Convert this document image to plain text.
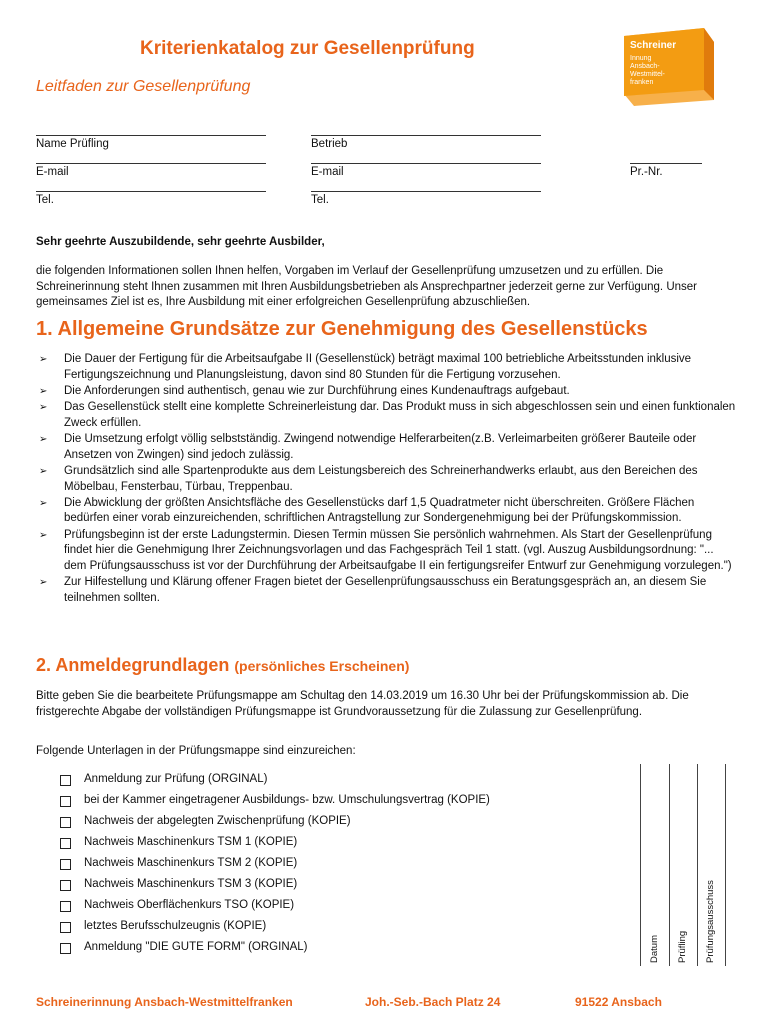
Kriterienkatalog zur Gesellenprüfung
Leitfaden zur Gesellenprüfung
Schreiner
Innung
Ansbach-
Westmittel-
franken
Name Prüfling	Betrieb
E-mail	E-mail	Pr.-Nr.
Tel.	Tel.
Sehr geehrte Auszubildende, sehr geehrte Ausbilder,
die folgenden Informationen sollen Ihnen helfen, Vorgaben im Verlauf der Gesellenprüfung umzusetzen und zu erfüllen. Die Schreinerinnung steht Ihnen zusammen mit Ihren Ausbildungsbetrieben als Ansprechpartner jederzeit gerne zur Verfügung. Unser gemeinsames Ziel ist es, Ihre Ausbildung mit einer erfolgreichen Gesellenprüfung abzuschließen.
1. Allgemeine Grundsätze zur Genehmigung des Gesellenstücks
➢ Die Dauer der Fertigung für die Arbeitsaufgabe II (Gesellenstück) beträgt maximal 100 betriebliche Arbeitsstunden inklusive Fertigungszeichnung und Planungsleistung, davon sind 80 Stunden für die Fertigung vorzusehen.
➢ Die Anforderungen sind authentisch, genau wie zur Durchführung eines Kundenauftrags aufgebaut.
➢ Das Gesellenstück stellt eine komplette Schreinerleistung dar. Das Produkt muss in sich abgeschlossen sein und einen funktionalen Zweck erfüllen.
➢ Die Umsetzung erfolgt völlig selbstständig. Zwingend notwendige Helferarbeiten(z.B. Verleimarbeiten größerer Bauteile oder Ansetzen von Zwingen) sind jedoch zulässig.
➢ Grundsätzlich sind alle Spartenprodukte aus dem Leistungsbereich des Schreinerhandwerks erlaubt, aus den Bereichen des Möbelbau, Fensterbau, Türbau, Treppenbau.
➢ Die Abwicklung der größten Ansichtsfläche des Gesellenstücks darf 1,5 Quadratmeter nicht überschreiten. Größere Flächen bedürfen einer vorab einzureichenden, schriftlichen Antragstellung zur Sondergenehmigung bei der Prüfungskommission.
➢ Prüfungsbeginn ist der erste Ladungstermin. Diesen Termin müssen Sie persönlich wahrnehmen. Als Start der Gesellenprüfung findet hier die Genehmigung Ihrer Zeichnungsvorlagen und das Fachgespräch Teil 1 statt. (vgl. Auszug Ausbildungsordnung: "... dem Prüfungsausschuss ist vor der Durchführung der Arbeitsaufgabe II ein fertigungsreifer Entwurf zur Genehmigung vorzulegen.")
➢ Zur Hilfestellung und Klärung offener Fragen bietet der Gesellenprüfungsausschuss ein Beratungsgespräch an, an diesem Sie teilnehmen sollten.
2. Anmeldegrundlagen (persönliches Erscheinen)
Bitte geben Sie die bearbeitete Prüfungsmappe am Schultag den 14.03.2019 um 16.30 Uhr bei der Prüfungskommission ab. Die fristgerechte Abgabe der vollständigen Prüfungsmappe ist Grundvoraussetzung für die Zulassung zur Gesellenprüfung.
Folgende Unterlagen in der Prüfungsmappe sind einzureichen:
Anmeldung zur Prüfung (ORGINAL)
bei der Kammer eingetragener Ausbildungs- bzw. Umschulungsvertrag (KOPIE)
Nachweis der abgelegten Zwischenprüfung (KOPIE)
Nachweis Maschinenkurs TSM 1 (KOPIE)
Nachweis Maschinenkurs TSM 2 (KOPIE)
Nachweis Maschinenkurs TSM 3 (KOPIE)
Nachweis Oberflächenkurs TSO (KOPIE)
letztes Berufsschulzeugnis (KOPIE)
Anmeldung "DIE GUTE FORM" (ORGINAL)	Datum Prüfling Prüfungsausschuss
Schreinerinnung Ansbach-Westmittelfranken	Joh.-Seb.-Bach Platz 24	91522 Ansbach
